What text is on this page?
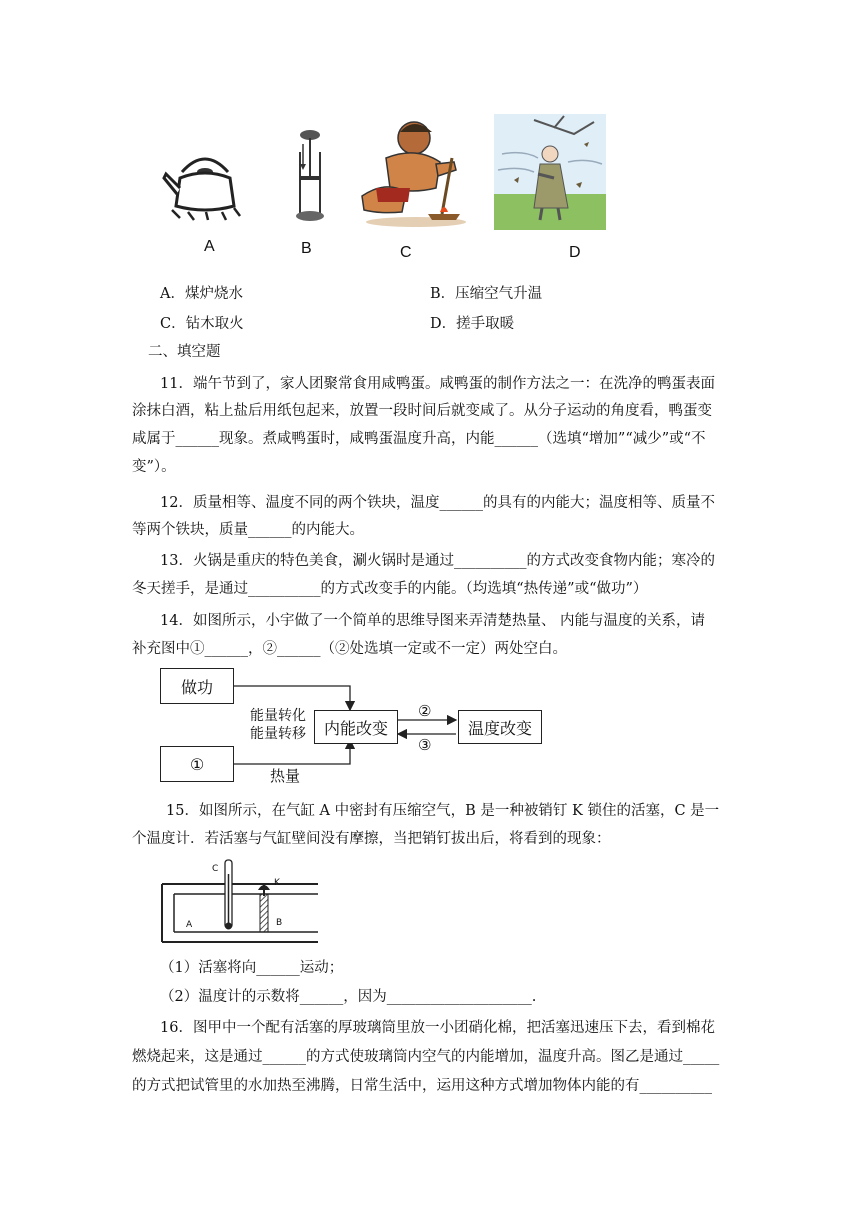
A	B	C	D
A．煤炉烧水	B．压缩空气升温
C．钻木取火	D．搓手取暖
二、填空题
11．端午节到了，家人团聚常食用咸鸭蛋。咸鸭蛋的制作方法之一：在洗净的鸭蛋表面
涂抹白酒，粘上盐后用纸包起来，放置一段时间后就变咸了。从分子运动的角度看，鸭蛋变
咸属于______现象。煮咸鸭蛋时，咸鸭蛋温度升高，内能______（选填“增加”“减少”或“不
变”）。
12．质量相等、温度不同的两个铁块，温度______的具有的内能大；温度相等、质量不
等两个铁块，质量______的内能大。
13．火锅是重庆的特色美食，涮火锅时是通过__________的方式改变食物内能；寒冷的
冬天搓手，是通过__________的方式改变手的内能。（均选填“热传递”或“做功”）
14．如图所示，小宇做了一个简单的思维导图来弄清楚热量、 内能与温度的关系，请
补充图中①______，②______（②处选填一定或不一定）两处空白。
做功
①
内能改变	温度改变
能量转化
能量转移
热量
②
③
15．如图所示，在气缸 A 中密封有压缩空气，B 是一种被销钉 K 锁住的活塞，C 是一
个温度计．若活塞与气缸壁间没有摩擦，当把销钉拔出后，将看到的现象：
C
K
A	B
（1）活塞将向______运动；
（2）温度计的示数将______，因为____________________.
16．图甲中一个配有活塞的厚玻璃筒里放一小团硝化棉，把活塞迅速压下去，看到棉花
燃烧起来，这是通过______的方式使玻璃筒内空气的内能增加，温度升高。图乙是通过_____
的方式把试管里的水加热至沸腾，日常生活中，运用这种方式增加物体内能的有__________
